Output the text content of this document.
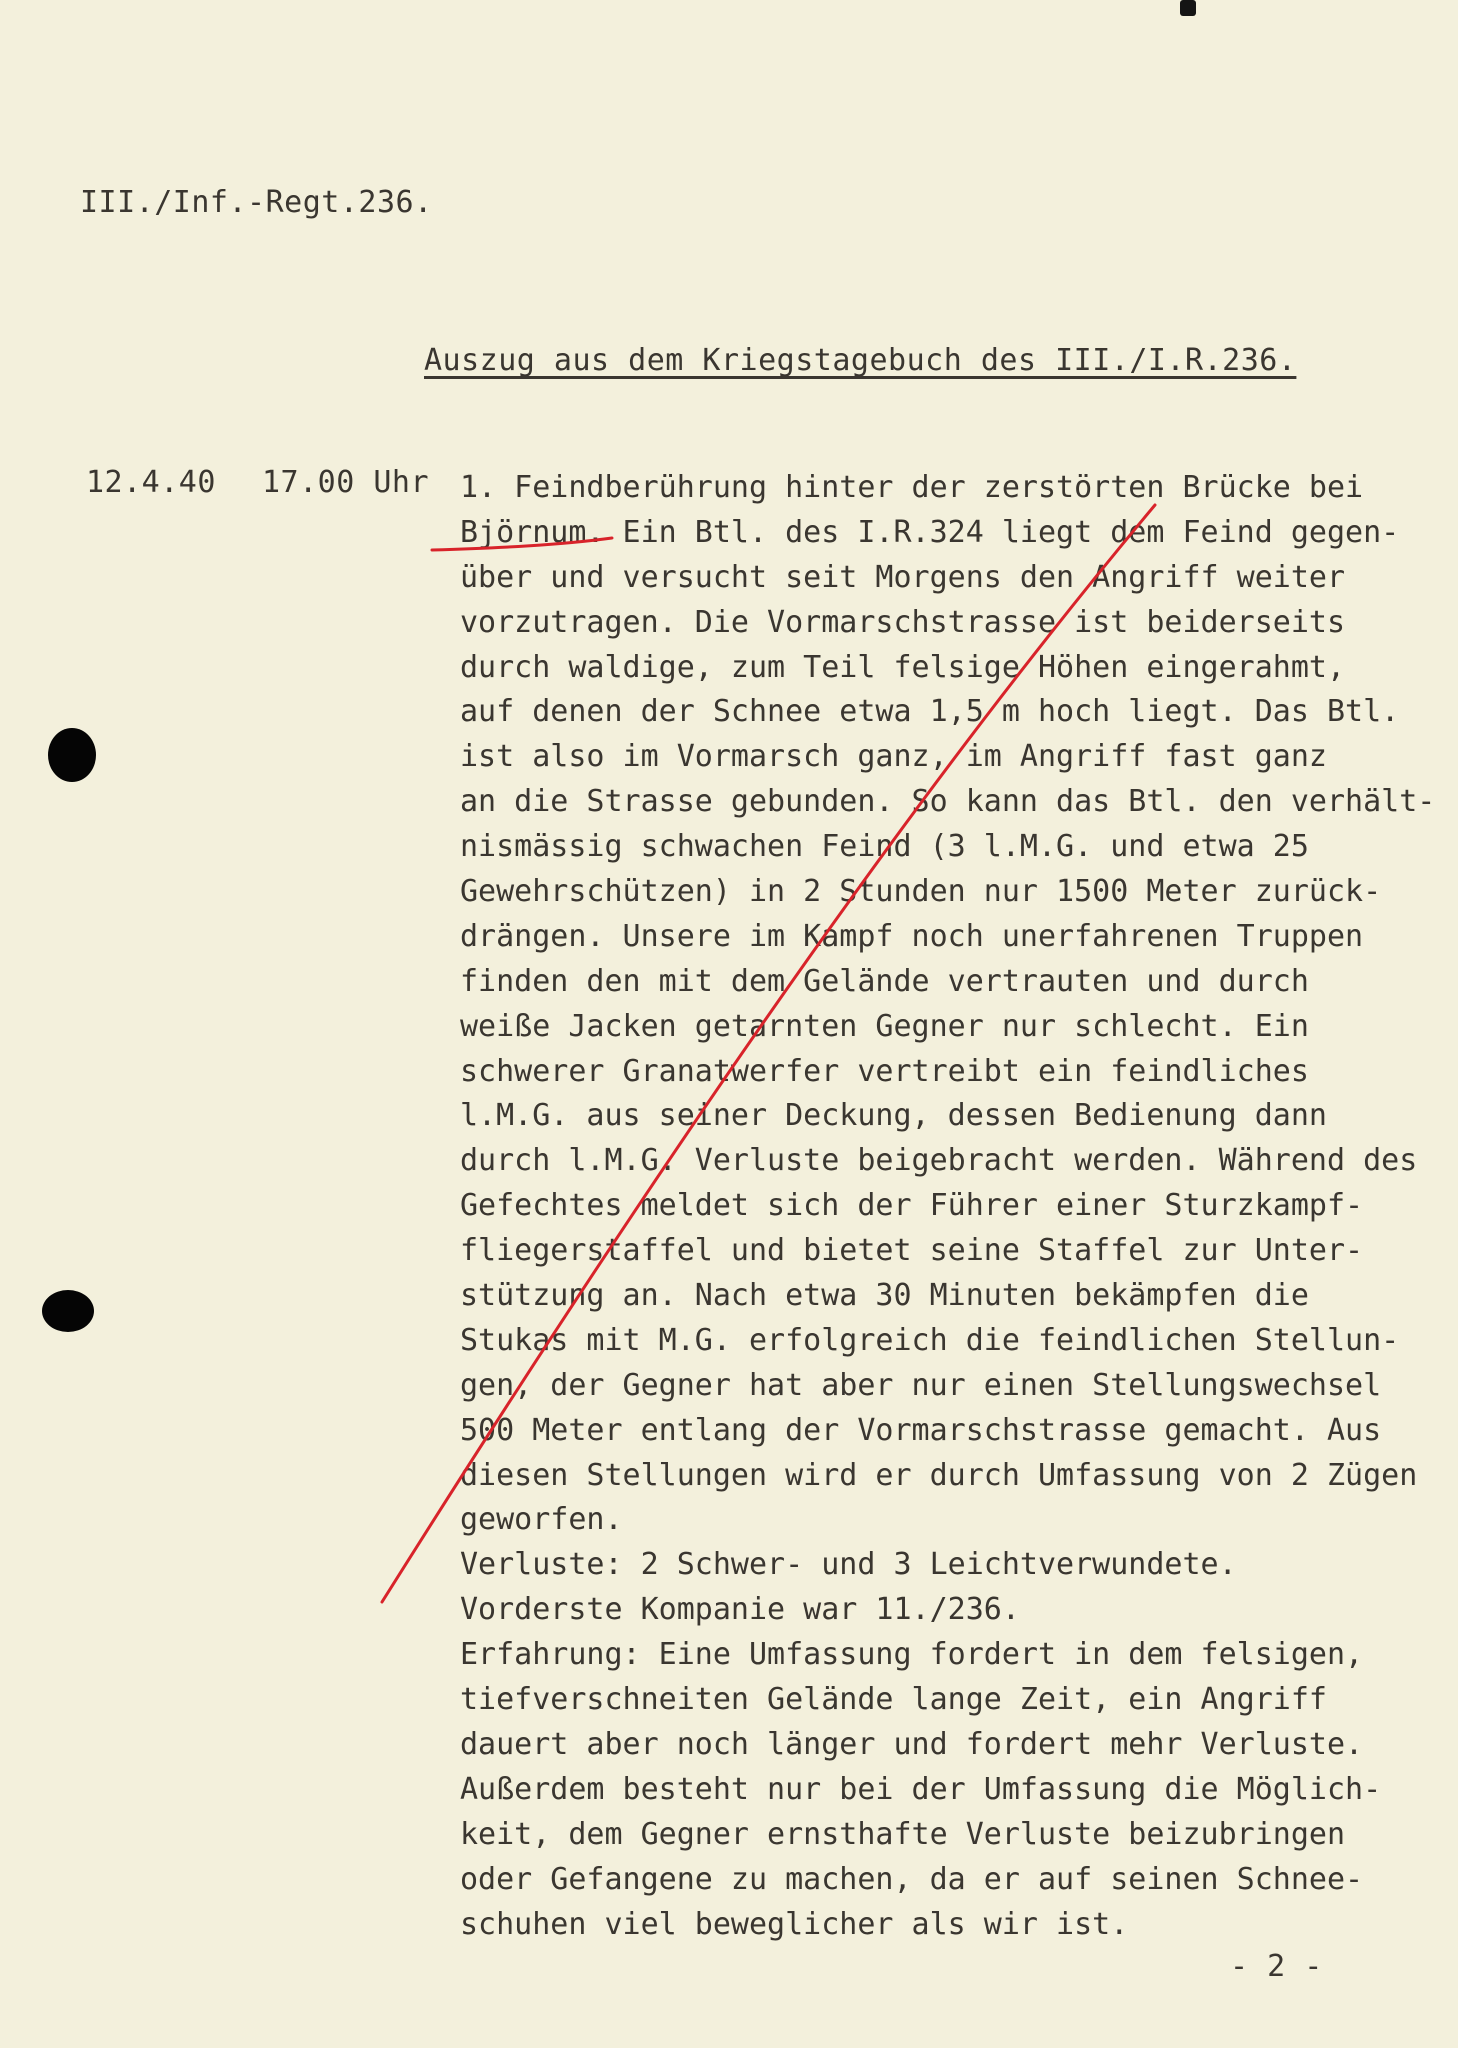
III./Inf.-Regt.236.
Auszug aus dem Kriegstagebuch des III./I.R.236.
12.4.40 17.00 Uhr 1. Feindberührung hinter der zerstörten Brücke bei
Björnum. Ein Btl. des I.R.324 liegt dem Feind gegen-
über und versucht seit Morgens den Angriff weiter
vorzutragen. Die Vormarschstrasse ist beiderseits
durch waldige, zum Teil felsige Höhen eingerahmt,
auf denen der Schnee etwa 1,5 m hoch liegt. Das Btl.
ist also im Vormarsch ganz, im Angriff fast ganz
an die Strasse gebunden. So kann das Btl. den verhält-
nismässig schwachen Feind (3 l.M.G. und etwa 25
Gewehrschützen) in 2 Stunden nur 1500 Meter zurück-
drängen. Unsere im Kampf noch unerfahrenen Truppen
finden den mit dem Gelände vertrauten und durch
weiße Jacken getarnten Gegner nur schlecht. Ein
schwerer Granatwerfer vertreibt ein feindliches
l.M.G. aus seiner Deckung, dessen Bedienung dann
durch l.M.G. Verluste beigebracht werden. Während des
Gefechtes meldet sich der Führer einer Sturzkampf-
fliegerstaffel und bietet seine Staffel zur Unter-
stützung an. Nach etwa 30 Minuten bekämpfen die
Stukas mit M.G. erfolgreich die feindlichen Stellun-
gen, der Gegner hat aber nur einen Stellungswechsel
500 Meter entlang der Vormarschstrasse gemacht. Aus
diesen Stellungen wird er durch Umfassung von 2 Zügen
geworfen.
Verluste: 2 Schwer- und 3 Leichtverwundete.
Vorderste Kompanie war 11./236.
Erfahrung: Eine Umfassung fordert in dem felsigen,
tiefverschneiten Gelände lange Zeit, ein Angriff
dauert aber noch länger und fordert mehr Verluste.
Außerdem besteht nur bei der Umfassung die Möglich-
keit, dem Gegner ernsthafte Verluste beizubringen
oder Gefangene zu machen, da er auf seinen Schnee-
schuhen viel beweglicher als wir ist.
- 2 -
